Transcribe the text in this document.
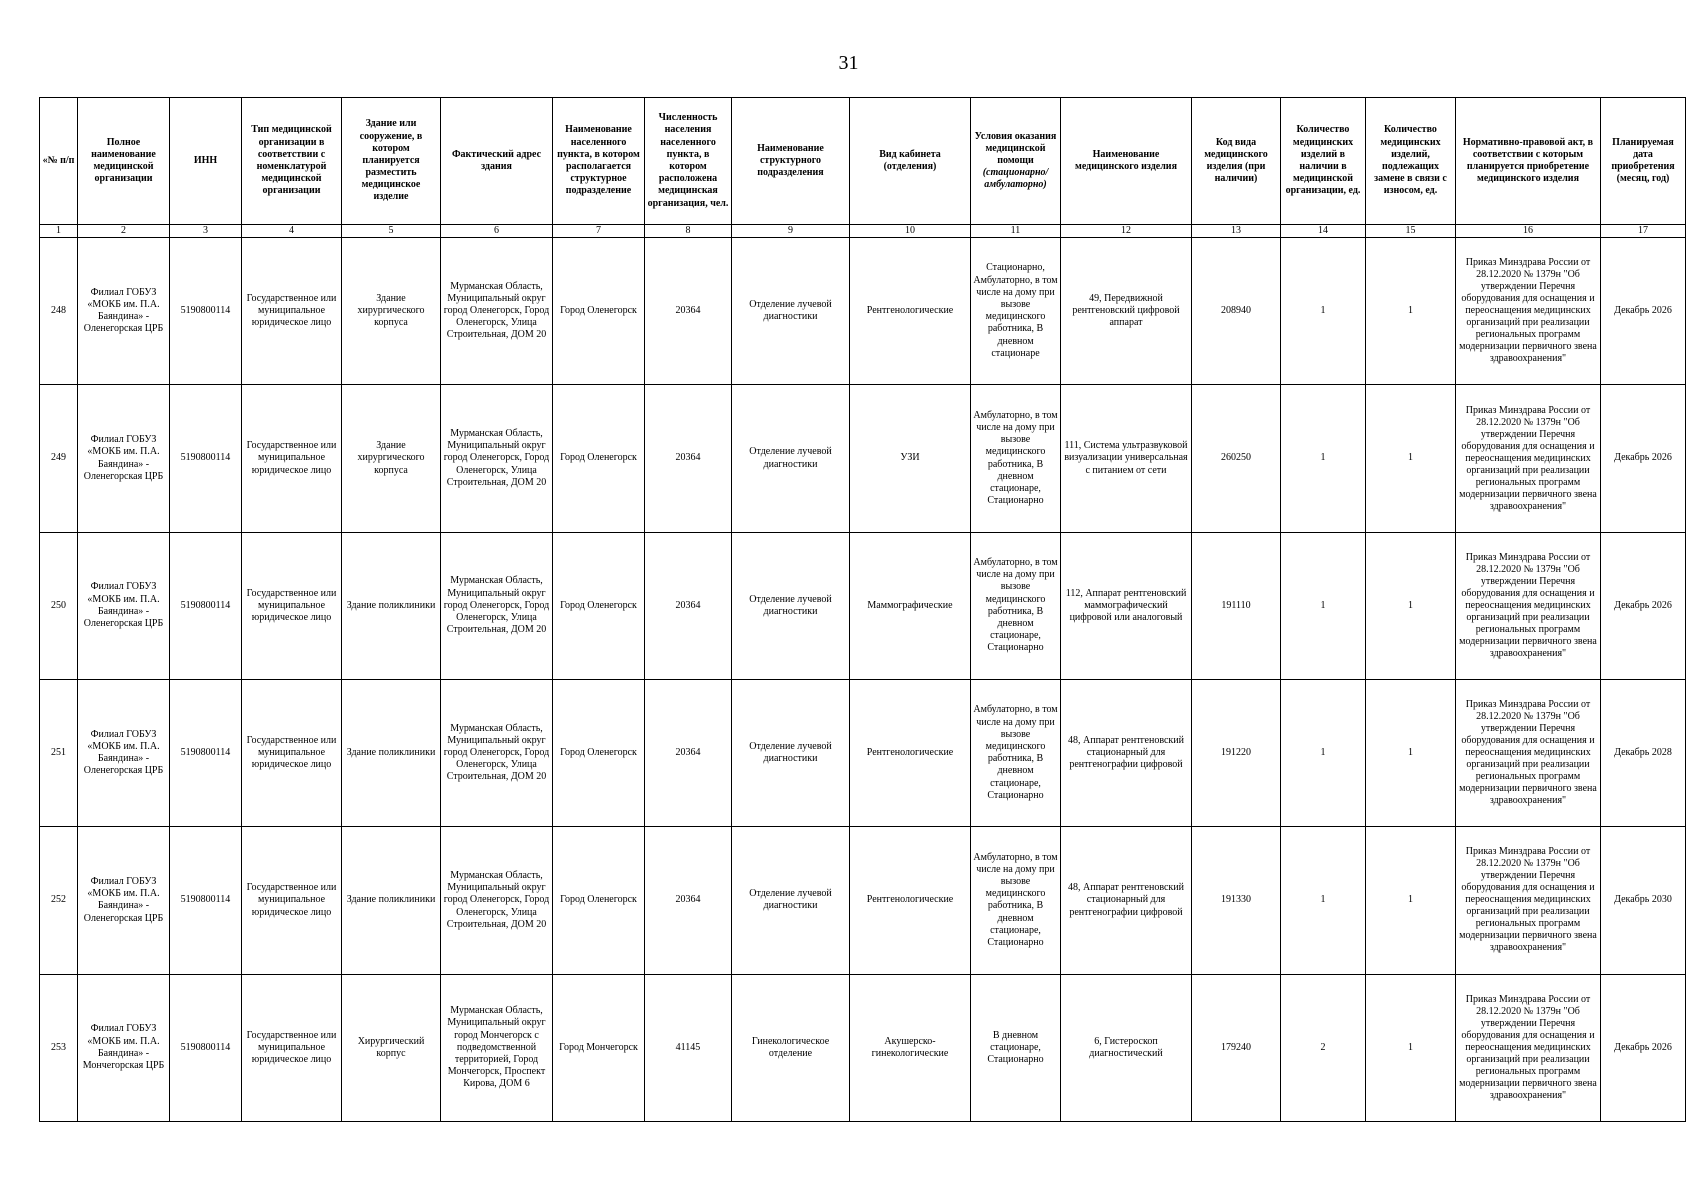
31
«№ п/п	Полное наименование медицинской организации	ИНН	Тип медицинской организации в соответствии с номенклатурой медицинской организации	Здание или сооружение, в котором планируется разместить медицинское изделие	Фактический адрес здания	Наименование населенного пункта, в котором располагается структурное подразделение	Численность населения населенного пункта, в котором расположена медицинская организация, чел.	Наименование структурного подразделения	Вид кабинета (отделения)	Условия оказания медицинской помощи (стационарно/ амбулаторно)	Наименование медицинского изделия	Код вида медицинского изделия (при наличии)	Количество медицинских изделий в наличии в медицинской организации, ед.	Количество медицинских изделий, подлежащих замене в связи с износом, ед.	Нормативно-правовой акт, в соответствии с которым планируется приобретение медицинского изделия	Планируемая дата приобретения (месяц, год)
1	2	3	4	5	6	7	8	9	10	11	12	13	14	15	16	17
248	Филиал ГОБУЗ «МОКБ им. П.А. Баяндина» - Оленегорская ЦРБ	5190800114	Государственное или муниципальное юридическое лицо	Здание хирургического корпуса	Мурманская Область, Муниципальный округ город Оленегорск, Город Оленегорск, Улица Строительная, ДОМ 20	Город Оленегорск	20364	Отделение лучевой диагностики	Рентгенологические	Стационарно, Амбулаторно, в том числе на дому при вызове медицинского работника, В дневном стационаре	49, Передвижной рентгеновский цифровой аппарат	208940	1	1	Приказ Минздрава России от 28.12.2020 № 1379н "Об утверждении Перечня оборудования для оснащения и переоснащения медицинских организаций при реализации региональных программ модернизации первичного звена здравоохранения"	Декабрь 2026
249	Филиал ГОБУЗ «МОКБ им. П.А. Баяндина» - Оленегорская ЦРБ	5190800114	Государственное или муниципальное юридическое лицо	Здание хирургического корпуса	Мурманская Область, Муниципальный округ город Оленегорск, Город Оленегорск, Улица Строительная, ДОМ 20	Город Оленегорск	20364	Отделение лучевой диагностики	УЗИ	Амбулаторно, в том числе на дому при вызове медицинского работника, В дневном стационаре, Стационарно	111, Система ультразвуковой визуализации универсальная с питанием от сети	260250	1	1	Приказ Минздрава России от 28.12.2020 № 1379н "Об утверждении Перечня оборудования для оснащения и переоснащения медицинских организаций при реализации региональных программ модернизации первичного звена здравоохранения"	Декабрь 2026
250	Филиал ГОБУЗ «МОКБ им. П.А. Баяндина» - Оленегорская ЦРБ	5190800114	Государственное или муниципальное юридическое лицо	Здание поликлиники	Мурманская Область, Муниципальный округ город Оленегорск, Город Оленегорск, Улица Строительная, ДОМ 20	Город Оленегорск	20364	Отделение лучевой диагностики	Маммографические	Амбулаторно, в том числе на дому при вызове медицинского работника, В дневном стационаре, Стационарно	112, Аппарат рентгеновский маммографический цифровой или аналоговый	191110	1	1	Приказ Минздрава России от 28.12.2020 № 1379н "Об утверждении Перечня оборудования для оснащения и переоснащения медицинских организаций при реализации региональных программ модернизации первичного звена здравоохранения"	Декабрь 2026
251	Филиал ГОБУЗ «МОКБ им. П.А. Баяндина» - Оленегорская ЦРБ	5190800114	Государственное или муниципальное юридическое лицо	Здание поликлиники	Мурманская Область, Муниципальный округ город Оленегорск, Город Оленегорск, Улица Строительная, ДОМ 20	Город Оленегорск	20364	Отделение лучевой диагностики	Рентгенологические	Амбулаторно, в том числе на дому при вызове медицинского работника, В дневном стационаре, Стационарно	48, Аппарат рентгеновский стационарный для рентгенографии цифровой	191220	1	1	Приказ Минздрава России от 28.12.2020 № 1379н "Об утверждении Перечня оборудования для оснащения и переоснащения медицинских организаций при реализации региональных программ модернизации первичного звена здравоохранения"	Декабрь 2028
252	Филиал ГОБУЗ «МОКБ им. П.А. Баяндина» - Оленегорская ЦРБ	5190800114	Государственное или муниципальное юридическое лицо	Здание поликлиники	Мурманская Область, Муниципальный округ город Оленегорск, Город Оленегорск, Улица Строительная, ДОМ 20	Город Оленегорск	20364	Отделение лучевой диагностики	Рентгенологические	Амбулаторно, в том числе на дому при вызове медицинского работника, В дневном стационаре, Стационарно	48, Аппарат рентгеновский стационарный для рентгенографии цифровой	191330	1	1	Приказ Минздрава России от 28.12.2020 № 1379н "Об утверждении Перечня оборудования для оснащения и переоснащения медицинских организаций при реализации региональных программ модернизации первичного звена здравоохранения"	Декабрь 2030
253	Филиал ГОБУЗ «МОКБ им. П.А. Баяндина» - Мончегорская ЦРБ	5190800114	Государственное или муниципальное юридическое лицо	Хирургический корпус	Мурманская Область, Муниципальный округ город Мончегорск с подведомственной территорией, Город Мончегорск, Проспект Кирова, ДОМ 6	Город Мончегорск	41145	Гинекологическое отделение	Акушерско-гинекологические	В дневном стационаре, Стационарно	6, Гистероскоп диагностический	179240	2	1	Приказ Минздрава России от 28.12.2020 № 1379н "Об утверждении Перечня оборудования для оснащения и переоснащения медицинских организаций при реализации региональных программ модернизации первичного звена здравоохранения"	Декабрь 2026
